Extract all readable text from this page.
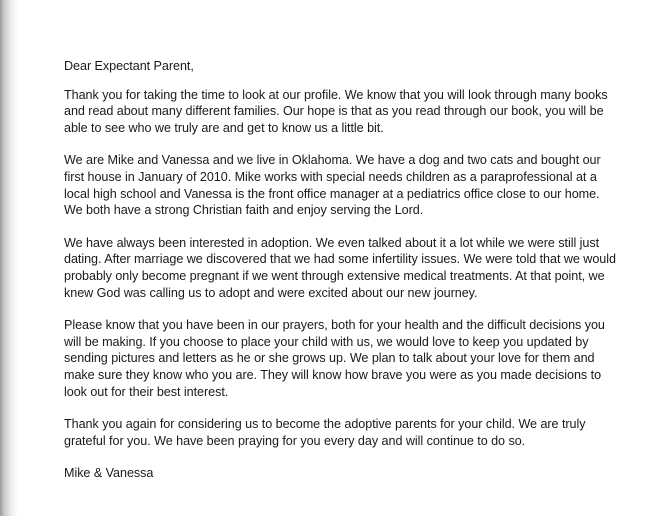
Dear Expectant Parent,

Thank you for taking the time to look at our profile. We know that you will look through many books
and read about many different families. Our hope is that as you read through our book, you will be
able to see who we truly are and get to know us a little bit.

We are Mike and Vanessa and we live in Oklahoma. We have a dog and two cats and bought our
first house in January of 2010. Mike works with special needs children as a paraprofessional at a
local high school and Vanessa is the front office manager at a pediatrics office close to our home.
We both have a strong Christian faith and enjoy serving the Lord.

We have always been interested in adoption. We even talked about it a lot while we were still just
dating. After marriage we discovered that we had some infertility issues. We were told that we would
probably only become pregnant if we went through extensive medical treatments. At that point, we
knew God was calling us to adopt and were excited about our new journey.

Please know that you have been in our prayers, both for your health and the difficult decisions you
will be making. If you choose to place your child with us, we would love to keep you updated by
sending pictures and letters as he or she grows up. We plan to talk about your love for them and
make sure they know who you are. They will know how brave you were as you made decisions to
look out for their best interest.

Thank you again for considering us to become the adoptive parents for your child. We are truly
grateful for you. We have been praying for you every day and will continue to do so.

Mike & Vanessa
